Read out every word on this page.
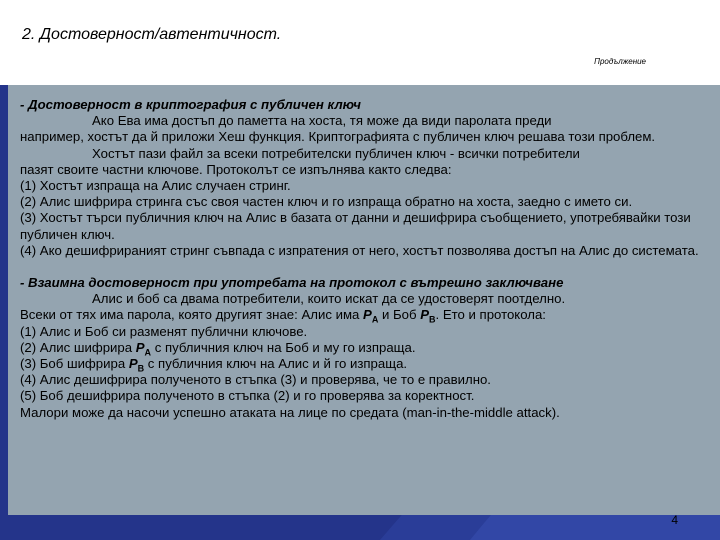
2. Достоверност/автентичност.
Продължение

- Достоверност в криптография с публичен ключ

Ако Ева има достъп до паметта на хоста, тя може да види паролата преди

например, хостът да й приложи Хеш функция. Криптографията с публичен ключ решава този проблем.

Хостът пази файл за всеки потребителски публичен ключ - всички потребители

пазят своите частни ключове. Протоколът се изпълнява както следва:

(1) Хостът изпраща на Алис случаен стринг.

(2) Алис шифрира стринга със своя частен ключ и го изпраща обратно на хоста, заедно с името си.

(3) Хостът търси публичния ключ на Алис в базата от данни и дешифрира съобщението, употребявайки този публичен ключ.

(4) Ако дешифрираният стринг съвпада с изпратения от него, хостът позволява достъп на Алис до системата.

- Взаимна достоверност при употребата на протокол с вътрешно заключване

Алис и боб са двама потребители, които искат да се удостоверят поотделно.

Всеки от тях има парола, която другият знае: Алис има $P_A$ и Боб $P_B$. Ето и протокола:

(1) Алис и Боб си разменят публични ключове.

(2) Алис шифрира $P_A$ с публичния ключ на Боб и му го изпраща.

(3) Боб шифрира $P_B$ с публичния ключ на Алис и й го изпраща.

(4) Алис дешифрира полученото в стъпка (3) и проверява, че то е правилно.

(5) Боб дешифрира полученото в стъпка (2) и го проверява за коректност.

Малори може да насочи успешно атаката на лице по средата (man-in-the-middle attack).

4
